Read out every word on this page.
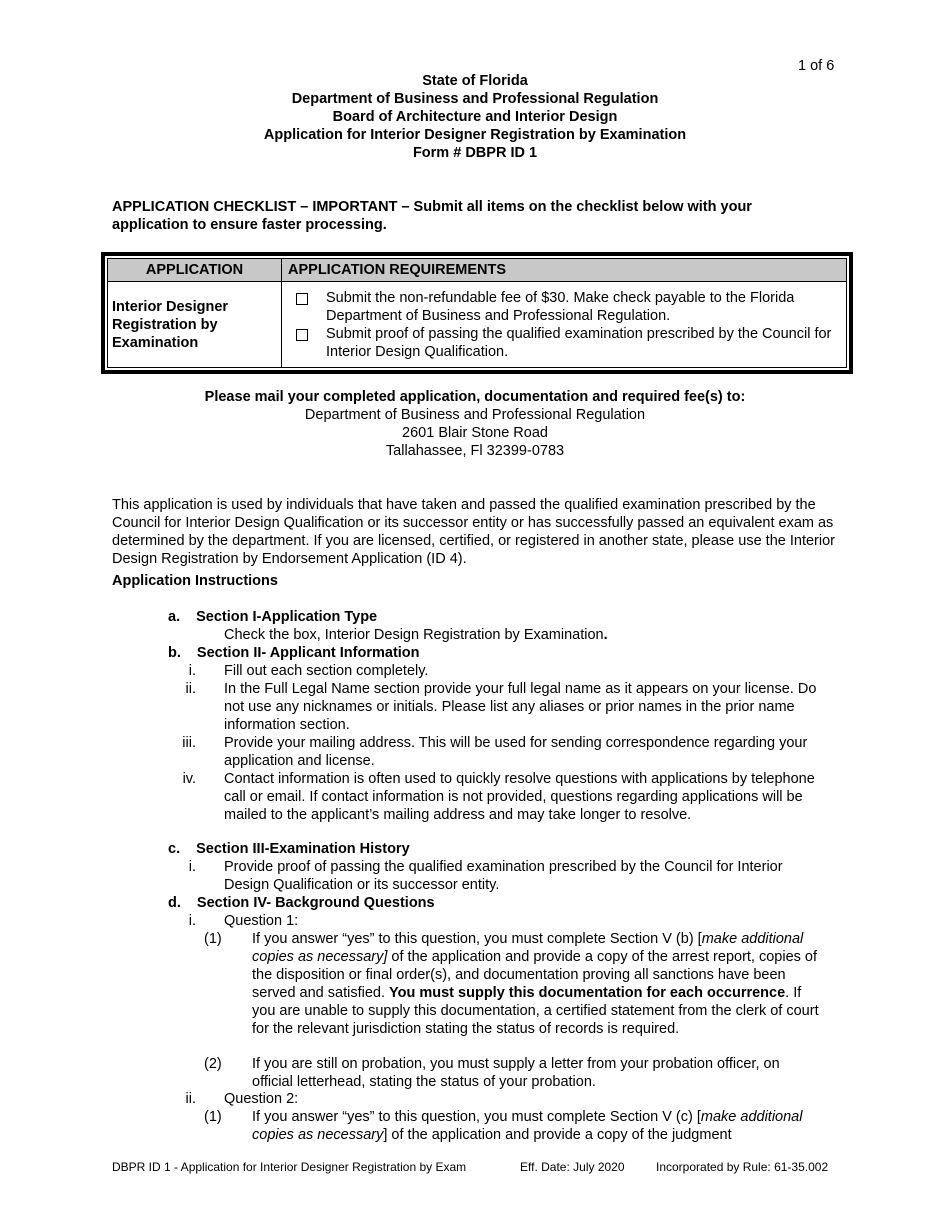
1 of 6
State of Florida
Department of Business and Professional Regulation
Board of Architecture and Interior Design
Application for Interior Designer Registration by Examination
Form # DBPR ID 1
APPLICATION CHECKLIST – IMPORTANT – Submit all items on the checklist below with your application to ensure faster processing.
APPLICATION	APPLICATION REQUIREMENTS
Interior Designer Registration by Examination	Submit the non-refundable fee of $30. Make check payable to the Florida Department of Business and Professional Regulation.
Submit proof of passing the qualified examination prescribed by the Council for Interior Design Qualification.
Please mail your completed application, documentation and required fee(s) to:
Department of Business and Professional Regulation
2601 Blair Stone Road
Tallahassee, Fl 32399-0783
This application is used by individuals that have taken and passed the qualified examination prescribed by the Council for Interior Design Qualification or its successor entity or has successfully passed an equivalent exam as determined by the department. If you are licensed, certified, or registered in another state, please use the Interior Design Registration by Endorsement Application (ID 4).
Application Instructions
a. Section I-Application Type
Check the box, Interior Design Registration by Examination.
b. Section II- Applicant Information
i. Fill out each section completely.
ii. In the Full Legal Name section provide your full legal name as it appears on your license. Do not use any nicknames or initials. Please list any aliases or prior names in the prior name information section.
iii. Provide your mailing address. This will be used for sending correspondence regarding your application and license.
iv. Contact information is often used to quickly resolve questions with applications by telephone call or email. If contact information is not provided, questions regarding applications will be mailed to the applicant’s mailing address and may take longer to resolve.
c. Section III-Examination History
i. Provide proof of passing the qualified examination prescribed by the Council for Interior Design Qualification or its successor entity.
d. Section IV- Background Questions
i. Question 1:
(1) If you answer “yes” to this question, you must complete Section V (b) [make additional copies as necessary] of the application and provide a copy of the arrest report, copies of the disposition or final order(s), and documentation proving all sanctions have been served and satisfied. You must supply this documentation for each occurrence. If you are unable to supply this documentation, a certified statement from the clerk of court for the relevant jurisdiction stating the status of records is required.
(2) If you are still on probation, you must supply a letter from your probation officer, on official letterhead, stating the status of your probation.
ii. Question 2:
(1) If you answer “yes” to this question, you must complete Section V (c) [make additional copies as necessary] of the application and provide a copy of the judgment
DBPR ID 1 - Application for Interior Designer Registration by Exam	Eff. Date: July 2020	Incorporated by Rule: 61-35.002
